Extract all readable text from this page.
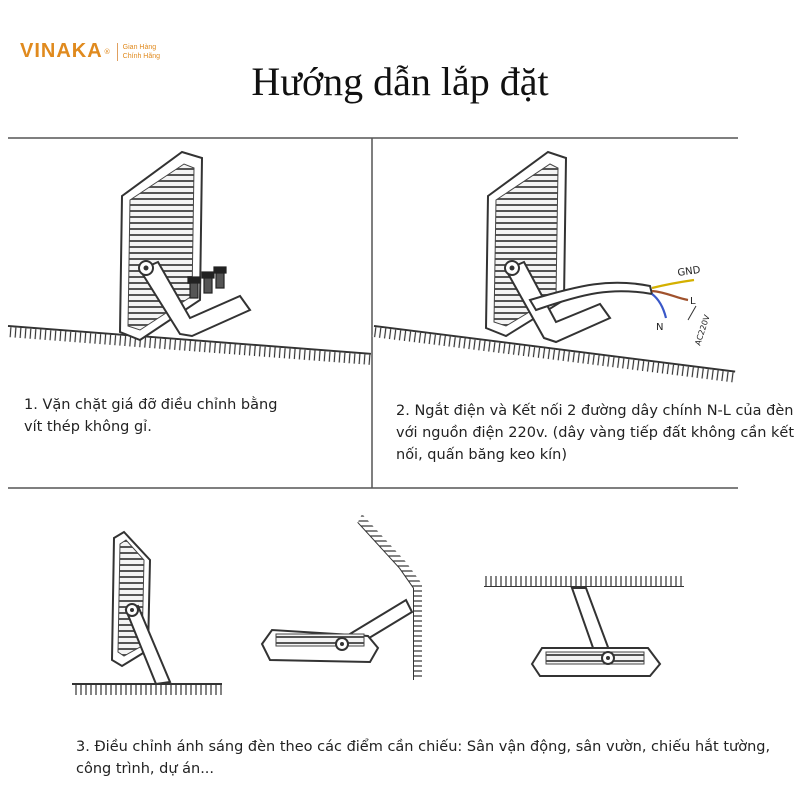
VINAKA ®
Gian Hàng
Chính Hãng
Hướng dẫn lắp đặt
GND
L
N	AC220V
1. Vặn chặt giá đỡ điều chỉnh bằng vít thép không gỉ.
2. Ngắt điện và Kết nối 2 đường dây chính N-L của đèn với nguồn điện 220v. (dây vàng tiếp đất không cần kết nối, quấn băng keo kín)
3. Điều chỉnh ánh sáng đèn theo các điểm cần chiếu: Sân vận động, sân vườn, chiếu hắt tường, công trình, dự án...
